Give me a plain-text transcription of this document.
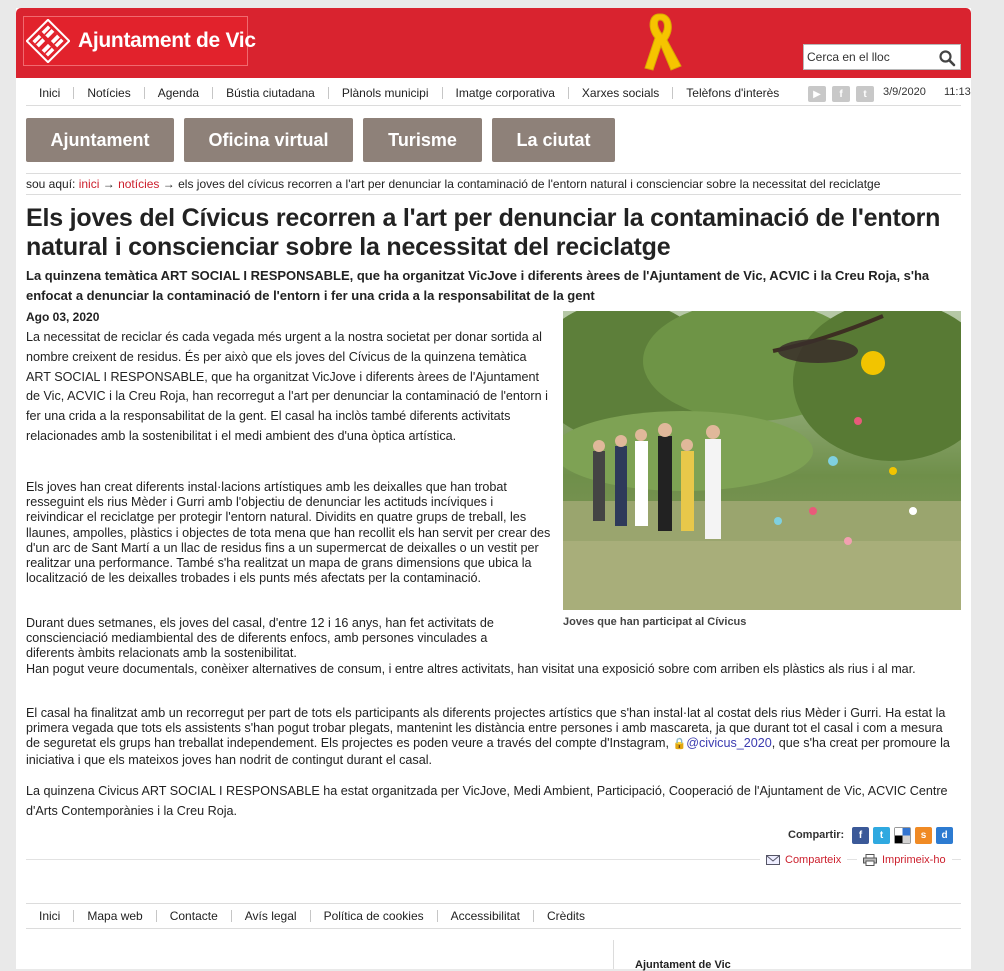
Ajuntament de Vic
Cerca en el lloc
Inici	Notícies	Agenda	Bústia ciutadana	Plànols municipi	Imatge corporativa	Xarxes socials	Telèfons d'interès	▶	f	t	3/9/2020 11:13
Ajuntament	Oficina virtual	Turisme	La ciutat
sou aquí: inici → notícies → els joves del cívicus recorren a l'art per denunciar la contaminació de l'entorn natural i conscienciar sobre la necessitat del reciclatge
Els joves del Cívicus recorren a l'art per denunciar la contaminació de l'entorn natural i conscienciar sobre la necessitat del reciclatge

La quinzena temàtica ART SOCIAL I RESPONSABLE, que ha organitzat VicJove i diferents àrees de l'Ajuntament de Vic, ACVIC i la Creu Roja, s'ha enfocat a denunciar la contaminació de l'entorn i fer una crida a la responsabilitat de la gent

Ago 03, 2020

La necessitat de reciclar és cada vegada més urgent a la nostra societat per donar sortida al nombre creixent de residus. És per això que els joves del Cívicus de la quinzena temàtica ART SOCIAL I RESPONSABLE, que ha organitzat VicJove i diferents àrees de l'Ajuntament de Vic, ACVIC i la Creu Roja, han recorregut a l'art per denunciar la contaminació de l'entorn i fer una crida a la responsabilitat de la gent. El casal ha inclòs també diferents activitats relacionades amb la sostenibilitat i el medi ambient des d'una òptica artística.

Els joves han creat diferents instal·lacions artístiques amb les deixalles que han trobat resseguint els rius Mèder i Gurri amb l'objectiu de denunciar les actituds incíviques i reivindicar el reciclatge per protegir l'entorn natural. Dividits en quatre grups de treball, les llaunes, ampolles, plàstics i objectes de tota mena que han recollit els han servit per crear des d'un arc de Sant Martí a un llac de residus fins a un supermercat de deixalles o un vestit per realitzar una performance. També s'ha realitzat un mapa de grans dimensions que ubica la localització de les deixalles trobades i els punts més afectats per la contaminació.

Durant dues setmanes, els joves del casal, d'entre 12 i 16 anys, han fet activitats de conscienciació mediambiental des de diferents enfocs, amb persones vinculades a diferents àmbits relacionats amb la sostenibilitat.

Han pogut veure documentals, conèixer alternatives de consum, i entre altres activitats, han visitat una exposició sobre com arriben els plàstics als rius i al mar.

El casal ha finalitzat amb un recorregut per part de tots els participants als diferents projectes artístics que s'han instal·lat al costat dels rius Mèder i Gurri. Ha estat la primera vegada que tots els assistents s'han pogut trobar plegats, mantenint les distància entre persones i amb mascareta, ja que durant tot el casal i com a mesura de seguretat els grups han treballat independement. Els projectes es poden veure a través del compte d'Instagram, 🔒@civicus_2020, que s'ha creat per promoure la iniciativa i que els mateixos joves han nodrit de contingut durant el casal.

La quinzena Civicus ART SOCIAL I RESPONSABLE ha estat organitzada per VicJove, Medi Ambient, Participació, Cooperació de l'Ajuntament de Vic, ACVIC Centre d'Arts Contemporànies i la Creu Roja.

Joves que han participat al Cívicus
Compartir:	f	t	s	d
Comparteix	Imprimeix-ho
Inici	Mapa web	Contacte	Avís legal	Política de cookies	Accessibilitat	Crèdits
Ajuntament de Vic
